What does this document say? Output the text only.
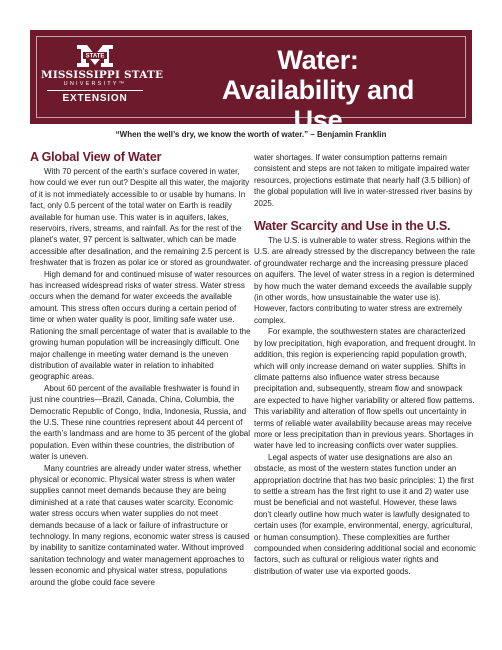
STATE
MISSISSIPPI STATE
UNIVERSITY™
EXTENSION
Water:
Availability and Use
“When the well’s dry, we know the worth of water.” – Benjamin Franklin
A Global View of Water

With 70 percent of the earth’s surface covered in water, how could we ever run out? Despite all this water, the majority of it is not immediately accessible to or usable by humans. In fact, only 0.5 percent of the total water on Earth is readily available for human use. This water is in aquifers, lakes, reservoirs, rivers, streams, and rainfall. As for the rest of the planet’s water, 97 percent is saltwater, which can be made accessible after desalination, and the remaining 2.5 percent is freshwater that is frozen as polar ice or stored as groundwater.

High demand for and continued misuse of water resources has increased widespread risks of water stress. Water stress occurs when the demand for water exceeds the available amount. This stress often occurs during a certain period of time or when water quality is poor, limiting safe water use. Rationing the small percentage of water that is available to the growing human population will be increasingly difficult. One major challenge in meeting water demand is the uneven distribution of available water in relation to inhabited geographic areas.

About 60 percent of the available freshwater is found in just nine countries—Brazil, Canada, China, Columbia, the Democratic Republic of Congo, India, Indonesia, Russia, and the U.S. These nine countries represent about 44 percent of the earth’s landmass and are home to 35 percent of the global population. Even within these countries, the distribution of water is uneven.

Many countries are already under water stress, whether physical or economic. Physical water stress is when water supplies cannot meet demands because they are being diminished at a rate that causes water scarcity. Economic water stress occurs when water supplies do not meet demands because of a lack or failure of infrastructure or technology. In many regions, economic water stress is caused by inability to sanitize contaminated water. Without improved sanitation technology and water management approaches to lessen economic and physical water stress, populations around the globe could face severe

water shortages. If water consumption patterns remain consistent and steps are not taken to mitigate impaired water resources, projections estimate that nearly half (3.5 billion) of the global population will live in water-stressed river basins by 2025.

Water Scarcity and Use in the U.S.

The U.S. is vulnerable to water stress. Regions within the U.S. are already stressed by the discrepancy between the rate of groundwater recharge and the increasing pressure placed on aquifers. The level of water stress in a region is determined by how much the water demand exceeds the available supply (in other words, how unsustainable the water use is). However, factors contributing to water stress are extremely complex.

For example, the southwestern states are characterized by low precipitation, high evaporation, and frequent drought. In addition, this region is experiencing rapid population growth, which will only increase demand on water supplies. Shifts in climate patterns also influence water stress because precipitation and, subsequently, stream flow and snowpack are expected to have higher variability or altered flow patterns. This variability and alteration of flow spells out uncertainty in terms of reliable water availability because areas may receive more or less precipitation than in previous years. Shortages in water have led to increasing conflicts over water supplies.

Legal aspects of water use designations are also an obstacle, as most of the western states function under an appropriation doctrine that has two basic principles: 1) the first to settle a stream has the first right to use it and 2) water use must be beneficial and not wasteful. However, these laws don’t clearly outline how much water is lawfully designated to certain uses (for example, environmental, energy, agricultural, or human consumption). These complexities are further compounded when considering additional social and economic factors, such as cultural or religious water rights and distribution of water use via exported goods.
